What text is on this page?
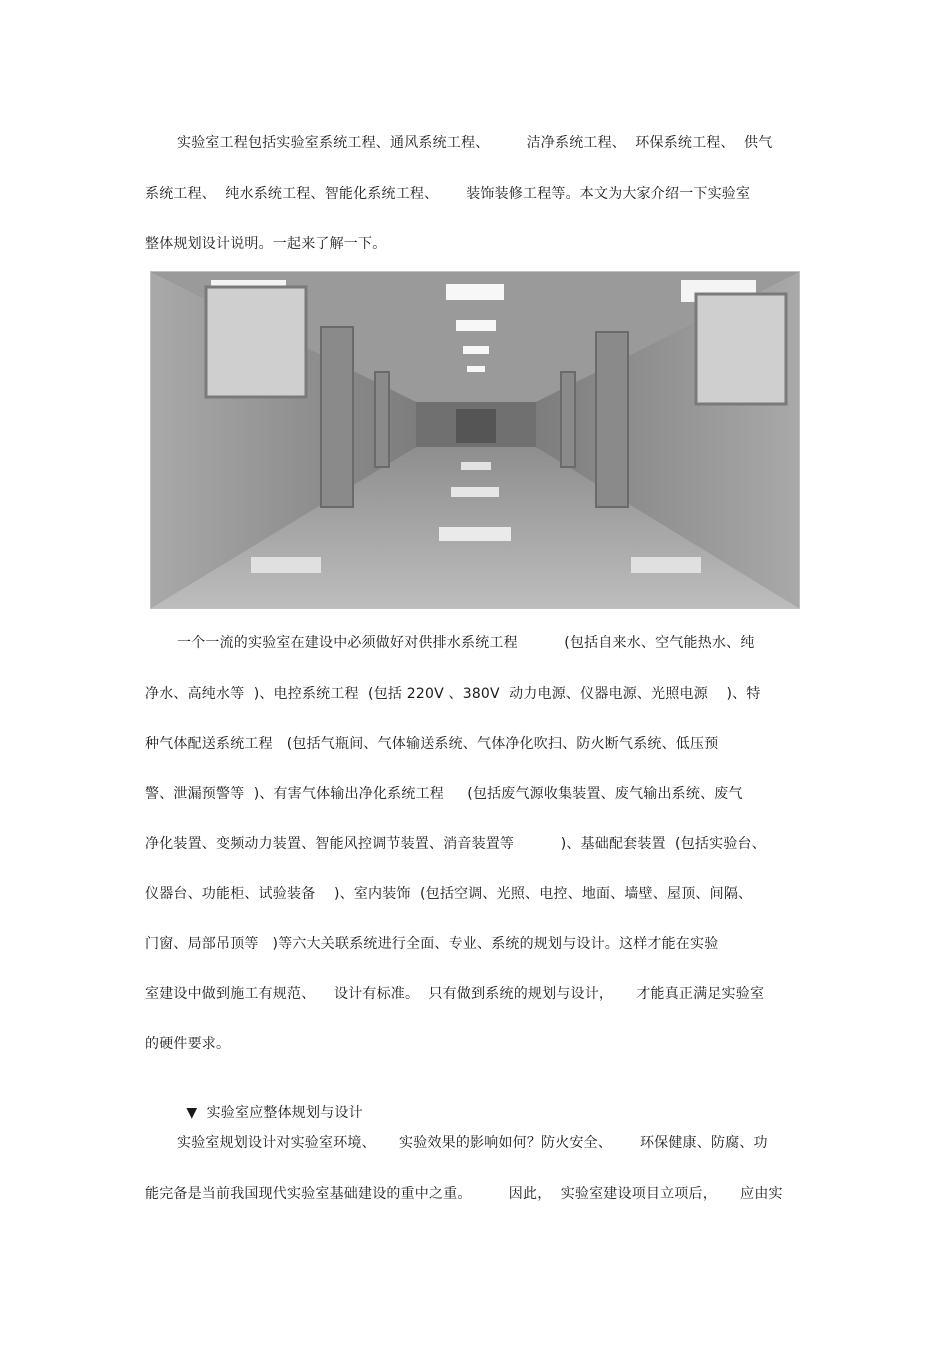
实验室工程包括实验室系统工程、通风系统工程、        洁净系统工程、  环保系统工程、  供气
系统工程、  纯水系统工程、智能化系统工程、      装饰装修工程等。本文为大家介绍一下实验室
整体规划设计说明。一起来了解一下。
一个一流的实验室在建设中必须做好对供排水系统工程          (包括自来水、空气能热水、纯
净水、高纯水等  )、电控系统工程  (包括 220V 、380V  动力电源、仪器电源、光照电源    )、特
种气体配送系统工程   (包括气瓶间、气体输送系统、气体净化吹扫、防火断气系统、低压预
警、泄漏预警等  )、有害气体输出净化系统工程     (包括废气源收集装置、废气输出系统、废气
净化装置、变频动力装置、智能风控调节装置、消音装置等          )、基础配套装置  (包括实验台、
仪器台、功能柜、试验装备    )、室内装饰  (包括空调、光照、电控、地面、墙壁、屋顶、间隔、
门窗、局部吊顶等   )等六大关联系统进行全面、专业、系统的规划与设计。这样才能在实验
室建设中做到施工有规范、    设计有标准。  只有做到系统的规划与设计，     才能真正满足实验室
的硬件要求。

▼ 实验室应整体规划与设计

实验室规划设计对实验室环境、     实验效果的影响如何？防火安全、      环保健康、防腐、功
能完备是当前我国现代实验室基础建设的重中之重。        因此，  实验室建设项目立项后，     应由实
